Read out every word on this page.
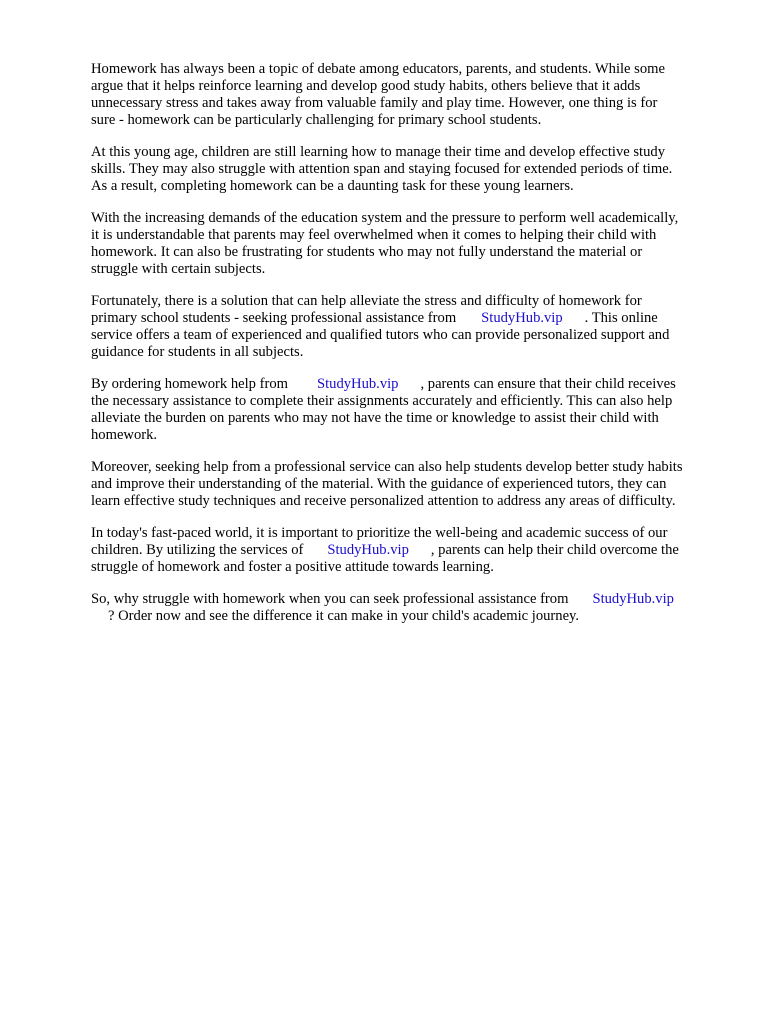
Homework has always been a topic of debate among educators, parents, and students. While some
argue that it helps reinforce learning and develop good study habits, others believe that it adds
unnecessary stress and takes away from valuable family and play time. However, one thing is for
sure - homework can be particularly challenging for primary school students.

At this young age, children are still learning how to manage their time and develop effective study
skills. They may also struggle with attention span and staying focused for extended periods of time.
As a result, completing homework can be a daunting task for these young learners.

With the increasing demands of the education system and the pressure to perform well academically,
it is understandable that parents may feel overwhelmed when it comes to helping their child with
homework. It can also be frustrating for students who may not fully understand the material or
struggle with certain subjects.

Fortunately, there is a solution that can help alleviate the stress and difficulty of homework for
primary school students - seeking professional assistance from StudyHub.vip . This online
service offers a team of experienced and qualified tutors who can provide personalized support and
guidance for students in all subjects.

By ordering homework help from StudyHub.vip , parents can ensure that their child receives
the necessary assistance to complete their assignments accurately and efficiently. This can also help
alleviate the burden on parents who may not have the time or knowledge to assist their child with
homework.

Moreover, seeking help from a professional service can also help students develop better study habits
and improve their understanding of the material. With the guidance of experienced tutors, they can
learn effective study techniques and receive personalized attention to address any areas of difficulty.

In today's fast-paced world, it is important to prioritize the well-being and academic success of our
children. By utilizing the services of StudyHub.vip , parents can help their child overcome the
struggle of homework and foster a positive attitude towards learning.

So, why struggle with homework when you can seek professional assistance from StudyHub.vip
? Order now and see the difference it can make in your child's academic journey.
